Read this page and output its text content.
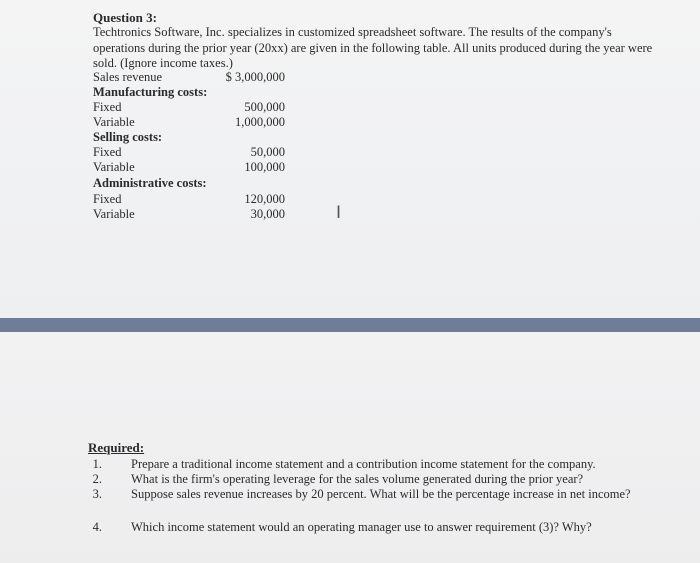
Question 3:
Techtronics Software, Inc. specializes in customized spreadsheet software. The results of the company's operations during the prior year (20xx) are given in the following table. All units produced during the year were sold. (Ignore income taxes.)
Sales revenue	$ 3,000,000
Manufacturing costs:
Fixed	500,000
Variable	1,000,000
Selling costs:
Fixed	50,000
Variable	100,000
Administrative costs:
Fixed	120,000
Variable	30,000	I
Required:
1. Prepare a traditional income statement and a contribution income statement for the company.
2. What is the firm's operating leverage for the sales volume generated during the prior year?
3. Suppose sales revenue increases by 20 percent. What will be the percentage increase in net income?
4. Which income statement would an operating manager use to answer requirement (3)? Why?
